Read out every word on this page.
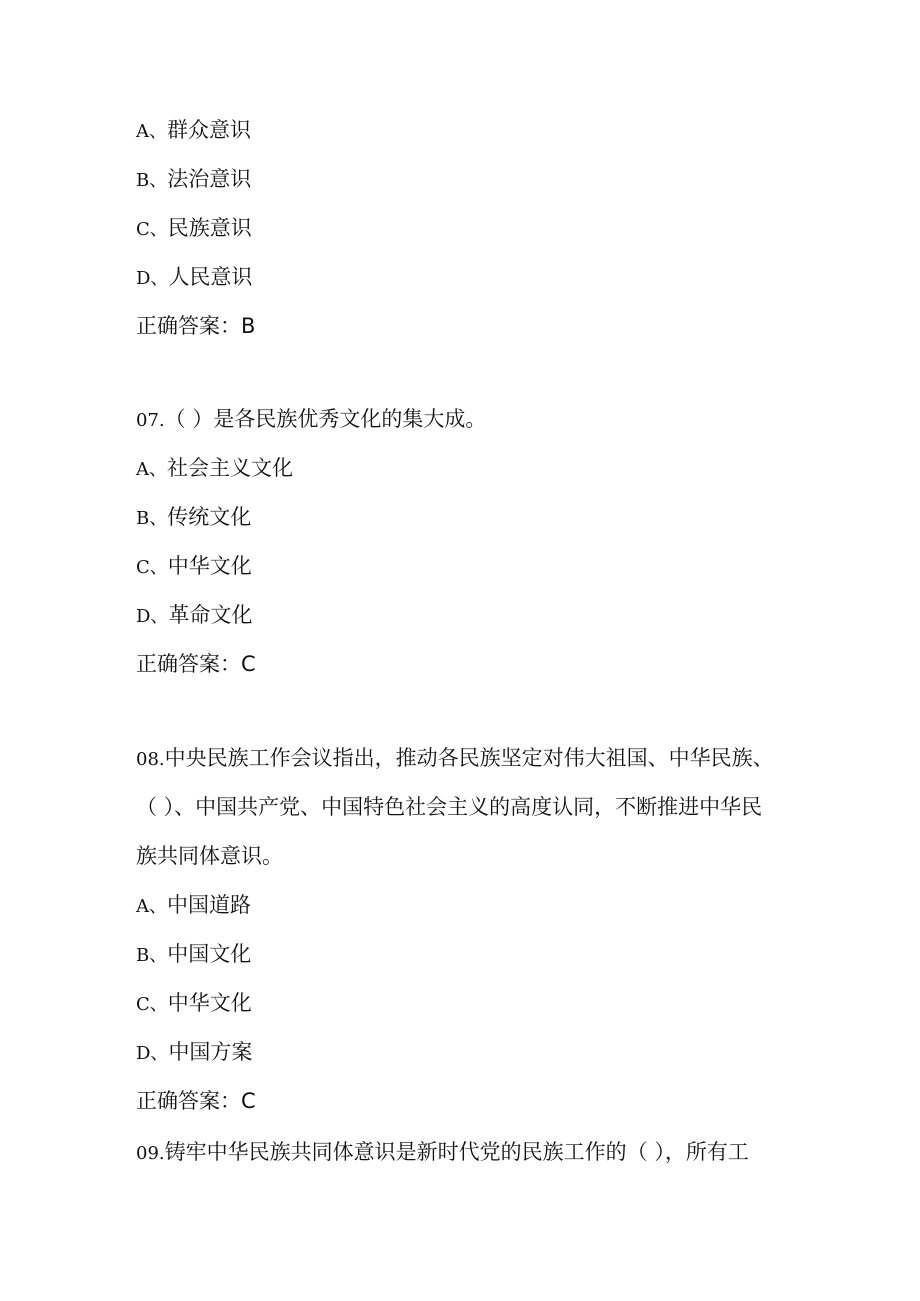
A、群众意识
B、法治意识
C、民族意识
D、人民意识
正确答案：B
07.（ ）是各民族优秀文化的集大成。
A、社会主义文化
B、传统文化
C、中华文化
D、革命文化
正确答案：C
08.中央民族工作会议指出，推动各民族坚定对伟大祖国、中华民族、
（ ）、中国共产党、中国特色社会主义的高度认同，不断推进中华民
族共同体意识。
A、中国道路
B、中国文化
C、中华文化
D、中国方案
正确答案：C
09.铸牢中华民族共同体意识是新时代党的民族工作的（ ），所有工
